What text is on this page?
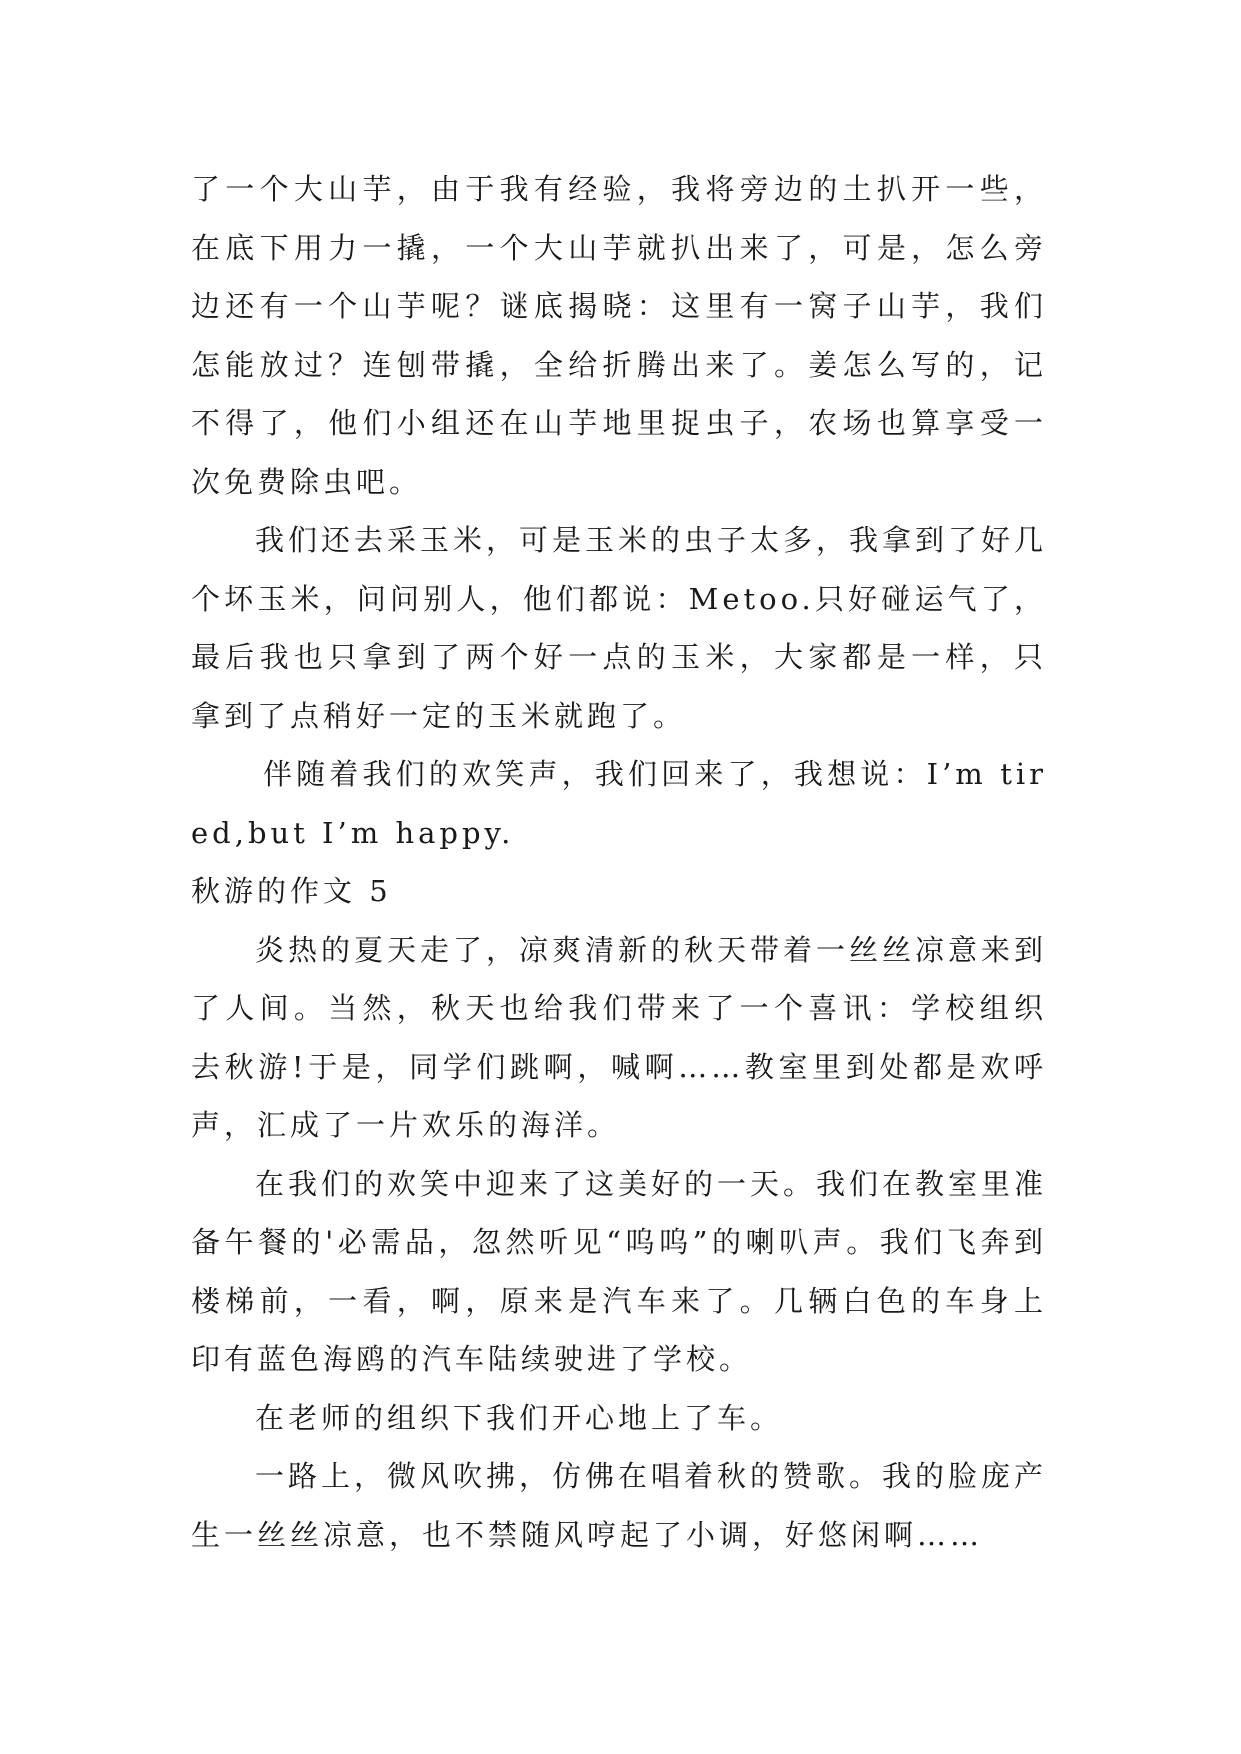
了一个大山芋，由于我有经验，我将旁边的土扒开一些，在底下用力一撬，一个大山芋就扒出来了，可是，怎么旁边还有一个山芋呢？谜底揭晓：这里有一窝子山芋，我们怎能放过？连刨带撬，全给折腾出来了。姜怎么写的，记不得了，他们小组还在山芋地里捉虫子，农场也算享受一次免费除虫吧。

我们还去采玉米，可是玉米的虫子太多，我拿到了好几个坏玉米，问问别人，他们都说：Metoo.只好碰运气了，最后我也只拿到了两个好一点的玉米，大家都是一样，只拿到了点稍好一定的玉米就跑了。

伴随着我们的欢笑声，我们回来了，我想说：I’m tired,but I’m happy.

秋游的作文 5

炎热的夏天走了，凉爽清新的秋天带着一丝丝凉意来到了人间。当然，秋天也给我们带来了一个喜讯：学校组织去秋游!于是，同学们跳啊，喊啊……教室里到处都是欢呼声，汇成了一片欢乐的海洋。

在我们的欢笑中迎来了这美好的一天。我们在教室里准备午餐的'必需品，忽然听见“呜呜”的喇叭声。我们飞奔到楼梯前，一看，啊，原来是汽车来了。几辆白色的车身上印有蓝色海鸥的汽车陆续驶进了学校。

在老师的组织下我们开心地上了车。

一路上，微风吹拂，仿佛在唱着秋的赞歌。我的脸庞产生一丝丝凉意，也不禁随风哼起了小调，好悠闲啊……
